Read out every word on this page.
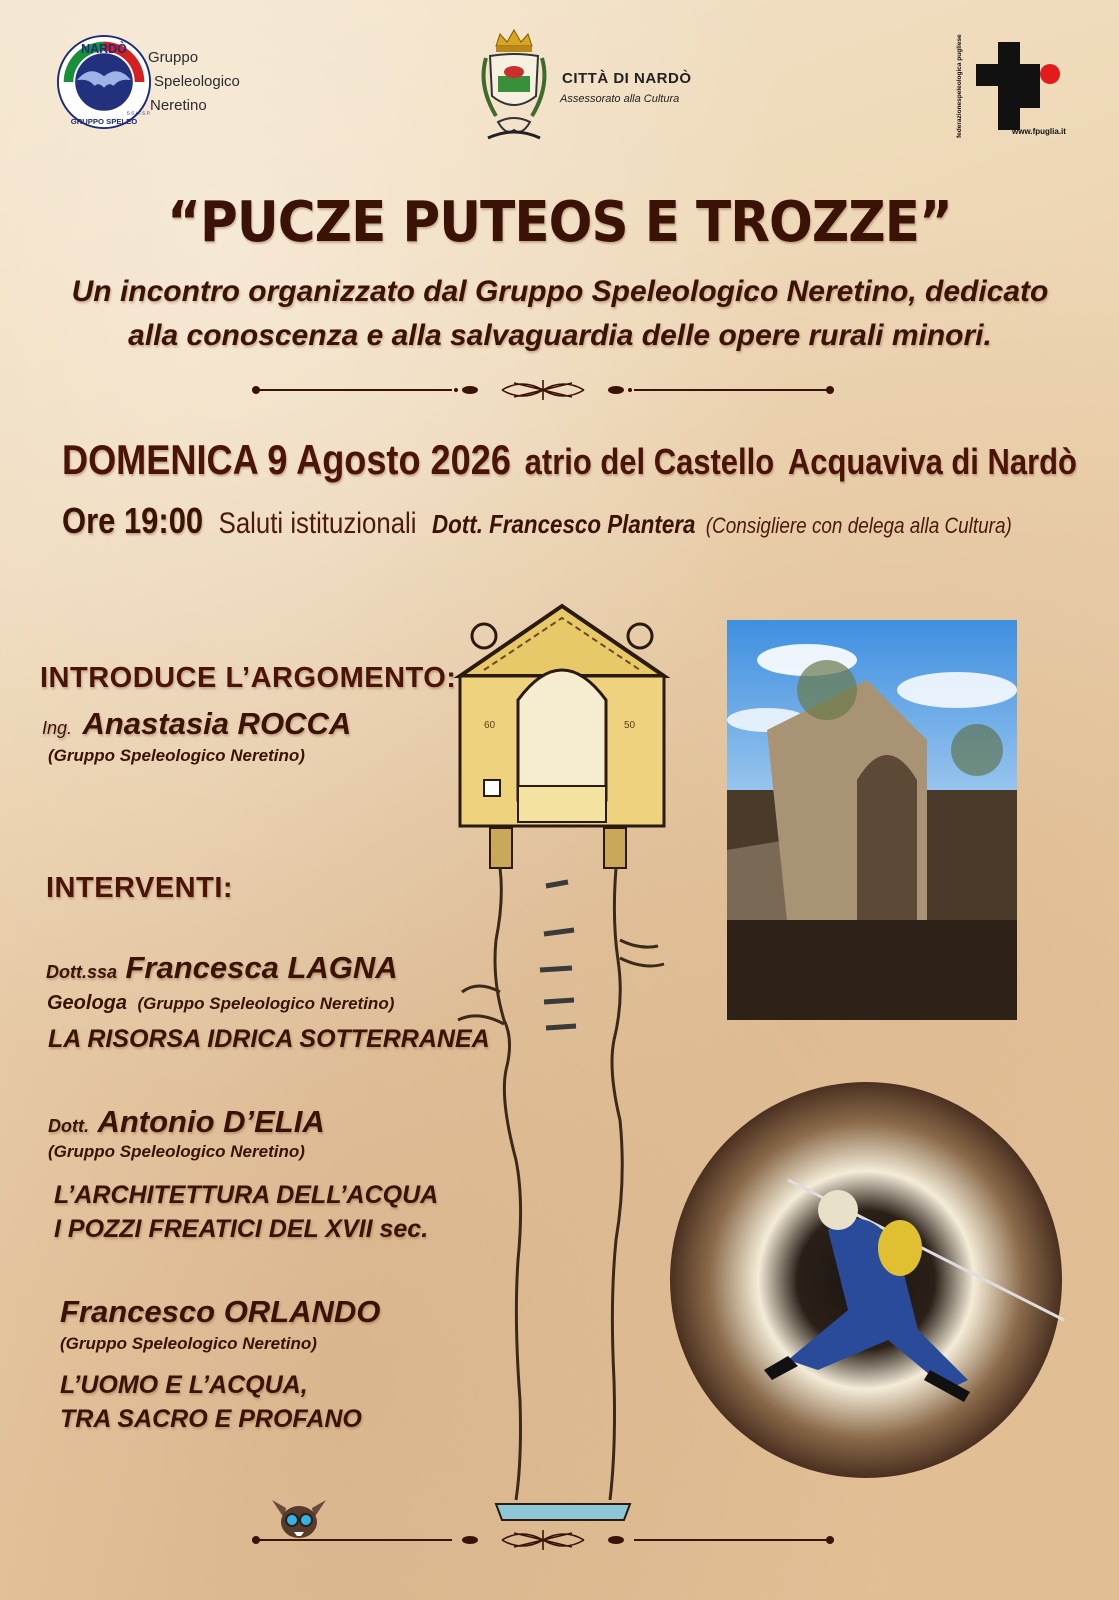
NARDÒ
GRUPPO SPELEO
S.S.I.F.S.P.
Gruppo
Speleologico
Neretino
CITTÀ DI NARDÒ
Assessorato alla Cultura	federazionespeleologica pugliese	www.fpuglia.it
“PUCZE PUTEOS E TROZZE”
Un incontro organizzato dal Gruppo Speleologico Neretino, dedicato
alla conoscenza e alla salvaguardia delle opere rurali minori.
DOMENICA 9 Agosto 2026 atrio del Castello Acquaviva di Nardò
Ore 19:00 Saluti istituzionali Dott. Francesco Plantera (Consigliere con delega alla Cultura)
INTRODUCE L’ARGOMENTO:
Ing. Anastasia ROCCA
(Gruppo Speleologico Neretino)
INTERVENTI:
Dott.ssa Francesca LAGNA
Geologa (Gruppo Speleologico Neretino)
LA RISORSA IDRICA SOTTERRANEA
Dott. Antonio D’ELIA
(Gruppo Speleologico Neretino)
L’ARCHITETTURA DELL’ACQUA
I POZZI FREATICI DEL XVII sec.
Francesco ORLANDO
(Gruppo Speleologico Neretino)
L’UOMO E L’ACQUA,
TRA SACRO E PROFANO
60	50
